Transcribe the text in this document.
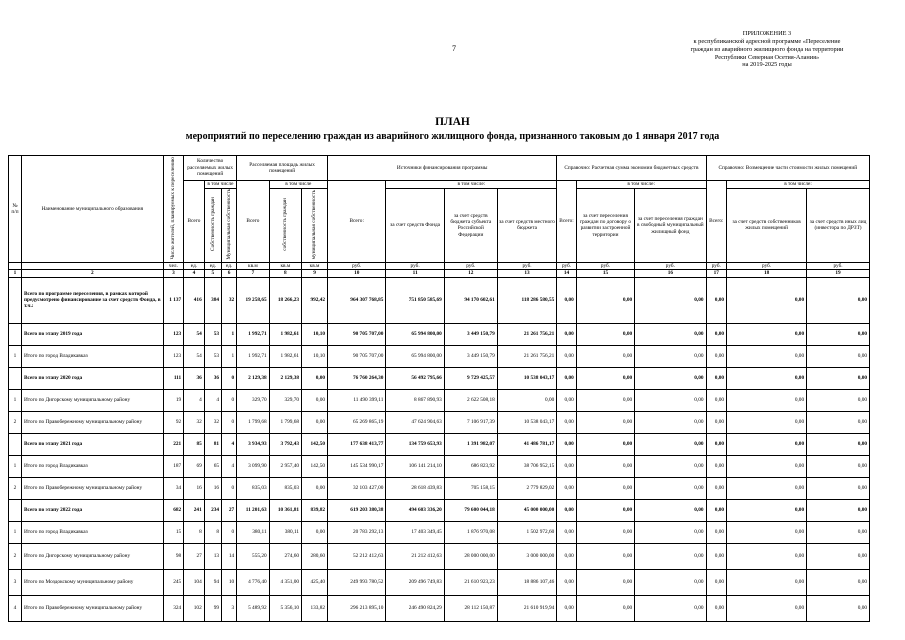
7
ПРИЛОЖЕНИЕ 3
к республиканской адресной программе «Переселение
граждан из аварийного жилищного фонда на территории
Республики Северная Осетия-Алания»
на 2019-2025 годы
ПЛАН
мероприятий по переселению граждан из аварийного жилищного фонда, признанного таковым до 1 января 2017 года
№ п/п	Наименование муниципального образования	Число жителей, планируемых к переселению	Количество расселяемых жилых помещений			Расселяемая площадь жилых помещений			Источники финансирования программы				Справочно: Расчетная сумма экономии бюджетных средств			Справочно: Возмещение части стоимости жилых помещений		
			Всего	в том числе		Всего	в том числе		Всего:	в том числе:			Всего:	в том числе:		Всего:	в том числе:	
				Собственность граждан	Муниципальная собственность		собственность граждан	муниципальная собственность		за счет средств Фонда	за счет средств бюджета субъекта Российской Федерации	за счет средств местного бюджета		за счет переселения граждан по договору о развитии застроенной территории	за счет переселения граждан в свободный муниципальный жилищный фонд		за счет средств собственников жилых помещений	за счет средств иных лиц (инвестора по ДРЗТ)
		чел.	ед.	ед.	ед.	кв.м	кв.м	кв.м	руб.	руб.	руб.	руб.	руб.	руб.	руб.	руб.	руб.	руб.
1	2	3	4	5	6	7	8	9	10	11	12	13	14	15	16	17	18	19
	Всего по программе переселения, в рамках которой предусмотрено финансирование за счет средств Фонда, в т.ч.:	1 137	416	384	32	19 258,65	18 266,23	992,42	964 307 768,85	751 850 585,69	94 170 602,61	118 286 580,55	0,00	0,00	0,00	0,00	0,00	0,00
	Всего по этапу 2019 года	123	54	53	1	1 992,71	1 982,61	10,10	90 705 707,00	65 994 800,00	3 449 150,79	21 261 756,21	0,00	0,00	0,00	0,00	0,00	0,00
1	Итого по город Владикавказ	123	54	53	1	1 992,71	1 982,61	10,10	90 705 707,00	65 994 800,00	3 449 150,79	21 261 756,21	0,00	0,00	0,00	0,00	0,00	0,00
	Всего по этапу 2020 года	111	36	36	0	2 129,38	2 129,38	0,00	76 760 264,30	56 492 795,66	9 729 425,57	10 538 043,17	0,00	0,00	0,00	0,00	0,00	0,00
1	Итого по Дигорскому муниципальному району	19	4	4	0	329,70	329,70	0,00	11 490 399,11	8 867 890,93	2 622 508,18	0,00	0,00	0,00	0,00	0,00	0,00	0,00
2	Итого по Правобережному муниципальному району	92	32	32	0	1 799,68	1 799,68	0,00	65 269 865,19	47 624 904,63	7 106 917,39	10 538 043,17	0,00	0,00	0,00	0,00	0,00	0,00
	Всего по этапу 2021 года	221	85	81	4	3 934,93	3 792,43	142,50	177 638 413,77	134 759 653,93	1 391 982,07	41 486 781,17	0,00	0,00	0,00	0,00	0,00	0,00
1	Итого по город Владикавказ	187	69	65	4	3 099,90	2 957,40	142,50	145 534 990,17	106 141 214,10	686 823,92	38 706 952,15	0,00	0,00	0,00	0,00	0,00	0,00
2	Итого по Правобережному муниципальному району	34	16	16	0	835,03	835,03	0,00	32 103 427,00	28 618 439,83	705 158,15	2 779 829,02	0,00	0,00	0,00	0,00	0,00	0,00
	Всего по этапу 2022 года	682	241	234	27	11 201,63	10 361,81	839,82	619 203 380,38	494 603 336,20	79 600 044,18	45 000 000,00	0,00	0,00	0,00	0,00	0,00	0,00
1	Итого по город Владикавказ	15	8	8	0	380,11	380,11	0,00	20 783 292,13	17 403 349,45	1 876 970,08	1 502 972,60	0,00	0,00	0,00	0,00	0,00	0,00
2	Итого по Дигорскому муниципальному району	98	27	13	14	555,20	274,60	280,60	52 212 412,63	21 212 412,63	28 000 000,00	3 000 000,00	0,00	0,00	0,00	0,00	0,00	0,00
3	Итого по Моздокскому муниципальному району	245	104	94	10	4 776,40	4 351,00	425,40	249 993 780,52	209 496 749,83	21 610 923,23	18 886 107,46	0,00	0,00	0,00	0,00	0,00	0,00
4	Итого по Правобережному муниципальному району	324	102	99	3	5 489,92	5 356,10	133,82	296 213 895,10	246 490 824,29	28 112 150,87	21 610 919,94	0,00	0,00	0,00	0,00	0,00	0,00
